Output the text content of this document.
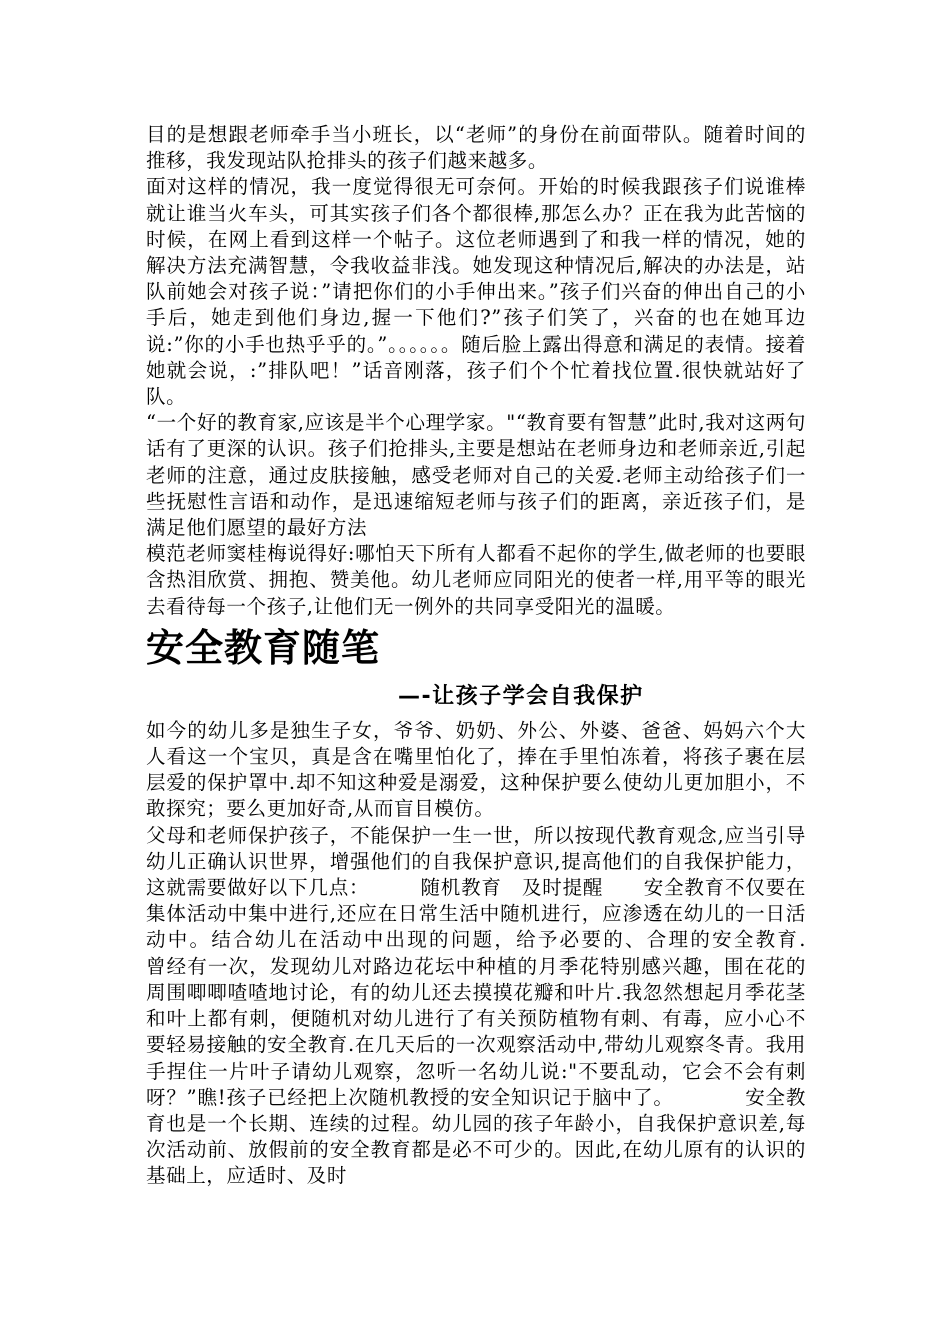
目的是想跟老师牵手当小班长，以“老师”的身份在前面带队。随着时间的推移，我发现站队抢排头的孩子们越来越多。

面对这样的情况，我一度觉得很无可奈何。开始的时候我跟孩子们说谁棒就让谁当火车头，可其实孩子们各个都很棒,那怎么办？正在我为此苦恼的时候，在网上看到这样一个帖子。这位老师遇到了和我一样的情况，她的解决方法充满智慧，令我收益非浅。她发现这种情况后,解决的办法是，站队前她会对孩子说：”请把你们的小手伸出来。”孩子们兴奋的伸出自己的小手后，她走到他们身边,握一下他们?”孩子们笑了，兴奋的也在她耳边说:”你的小手也热乎乎的。”。。。。。。随后脸上露出得意和满足的表情。接着她就会说，:”排队吧！”话音刚落，孩子们个个忙着找位置.很快就站好了队。

“一个好的教育家,应该是半个心理学家。"“教育要有智慧”此时,我对这两句话有了更深的认识。孩子们抢排头,主要是想站在老师身边和老师亲近,引起老师的注意，通过皮肤接触，感受老师对自己的关爱.老师主动给孩子们一些抚慰性言语和动作，是迅速缩短老师与孩子们的距离，亲近孩子们，是满足他们愿望的最好方法

模范老师窦桂梅说得好:哪怕天下所有人都看不起你的学生,做老师的也要眼含热泪欣赏、拥抱、赞美他。幼儿老师应同阳光的使者一样,用平等的眼光去看待每一个孩子,让他们无一例外的共同享受阳光的温暖。

安全教育随笔
—-让孩子学会自我保护

如今的幼儿多是独生子女，爷爷、奶奶、外公、外婆、爸爸、妈妈六个大人看这一个宝贝，真是含在嘴里怕化了，捧在手里怕冻着，将孩子裹在层层爱的保护罩中.却不知这种爱是溺爱，这种保护要么使幼儿更加胆小，不敢探究；要么更加好奇,从而盲目模仿。

父母和老师保护孩子，不能保护一生一世，所以按现代教育观念,应当引导幼儿正确认识世界，增强他们的自我保护意识,提高他们的自我保护能力，这就需要做好以下几点：　　　随机教育　及时提醒　　安全教育不仅要在集体活动中集中进行,还应在日常生活中随机进行，应渗透在幼儿的一日活动中。结合幼儿在活动中出现的问题，给予必要的、合理的安全教育.　　　　　曾经有一次，发现幼儿对路边花坛中种植的月季花特别感兴趣，围在花的周围唧唧喳喳地讨论，有的幼儿还去摸摸花瓣和叶片.我忽然想起月季花茎和叶上都有刺，便随机对幼儿进行了有关预防植物有刺、有毒，应小心不要轻易接触的安全教育.在几天后的一次观察活动中,带幼儿观察冬青。我用手捏住一片叶子请幼儿观察，忽听一名幼儿说:"不要乱动，它会不会有刺呀？”瞧!孩子已经把上次随机教授的安全知识记于脑中了。　　　　安全教育也是一个长期、连续的过程。幼儿园的孩子年龄小，自我保护意识差,每次活动前、放假前的安全教育都是必不可少的。因此,在幼儿原有的认识的基础上，应适时、及时
